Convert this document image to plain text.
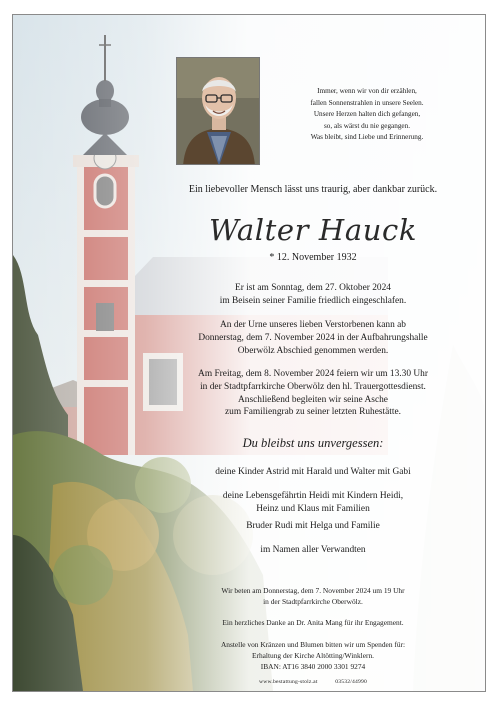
Immer, wenn wir von dir erzählen,
fallen Sonnenstrahlen in unsere Seelen.
Unsere Herzen halten dich gefangen,
so, als wärst du nie gegangen.
Was bleibt, sind Liebe und Erinnerung.
Ein liebevoller Mensch lässt uns traurig, aber dankbar zurück.
Walter Hauck
* 12. November 1932
Er ist am Sonntag, dem 27. Oktober 2024
im Beisein seiner Familie friedlich eingeschlafen.
An der Urne unseres lieben Verstorbenen kann ab
Donnerstag, dem 7. November 2024 in der Aufbahrungshalle
Oberwölz Abschied genommen werden.
Am Freitag, dem 8. November 2024 feiern wir um 13.30 Uhr
in der Stadtpfarrkirche Oberwölz den hl. Trauergottesdienst.
Anschließend begleiten wir seine Asche
zum Familiengrab zu seiner letzten Ruhestätte.
Du bleibst uns unvergessen:
deine Kinder Astrid mit Harald und Walter mit Gabi
deine Lebensgefährtin Heidi mit Kindern Heidi,
Heinz und Klaus mit Familien
Bruder Rudi mit Helga und Familie
im Namen aller Verwandten
Wir beten am Donnerstag, dem 7. November 2024 um 19 Uhr
in der Stadtpfarrkirche Oberwölz.
Ein herzliches Danke an Dr. Anita Mang für ihr Engagement.
Anstelle von Kränzen und Blumen bitten wir um Spenden für:
Erhaltung der Kirche Altötting/Winklern.
IBAN: AT16 3840 2000 3301 9274
www.bestattung-stolz.at	03532/44990
